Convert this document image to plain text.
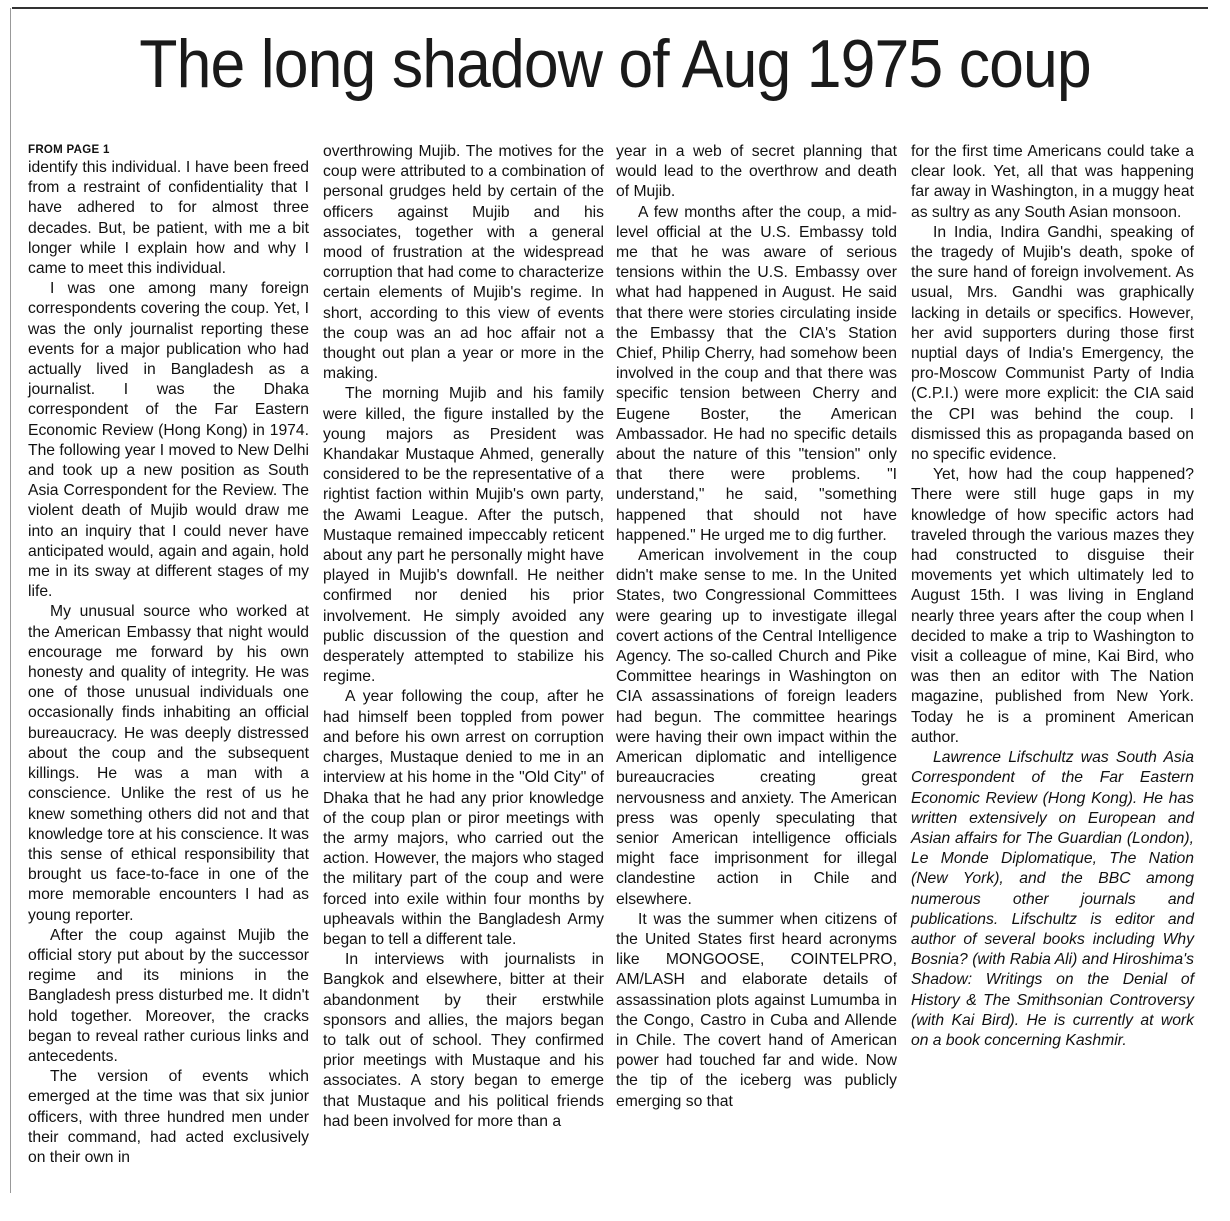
The long shadow of Aug 1975 coup

FROM PAGE 1

identify this individual. I have been freed from a restraint of confidentiality that I have adhered to for almost three decades. But, be patient, with me a bit longer while I explain how and why I came to meet this individual.

I was one among many foreign correspondents covering the coup. Yet, I was the only journalist reporting these events for a major publication who had actually lived in Bangladesh as a journalist. I was the Dhaka correspondent of the Far Eastern Economic Review (Hong Kong) in 1974. The following year I moved to New Delhi and took up a new position as South Asia Correspondent for the Review. The violent death of Mujib would draw me into an inquiry that I could never have anticipated would, again and again, hold me in its sway at different stages of my life.

My unusual source who worked at the American Embassy that night would encourage me forward by his own honesty and quality of integrity. He was one of those unusual individuals one occasionally finds inhabiting an official bureaucracy. He was deeply distressed about the coup and the subsequent killings. He was a man with a conscience. Unlike the rest of us he knew something others did not and that knowledge tore at his conscience. It was this sense of ethical responsibility that brought us face-to-face in one of the more memorable encounters I had as young reporter.

After the coup against Mujib the official story put about by the successor regime and its minions in the Bangladesh press disturbed me. It didn't hold together. Moreover, the cracks began to reveal rather curious links and antecedents.

The version of events which emerged at the time was that six junior officers, with three hundred men under their command, had acted exclusively on their own in

overthrowing Mujib. The motives for the coup were attributed to a combination of personal grudges held by certain of the officers against Mujib and his associates, together with a general mood of frustration at the widespread corruption that had come to characterize certain elements of Mujib's regime. In short, according to this view of events the coup was an ad hoc affair not a thought out plan a year or more in the making.

The morning Mujib and his family were killed, the figure installed by the young majors as President was Khandakar Mustaque Ahmed, generally considered to be the representative of a rightist faction within Mujib's own party, the Awami League. After the putsch, Mustaque remained impeccably reticent about any part he personally might have played in Mujib's downfall. He neither confirmed nor denied his prior involvement. He simply avoided any public discussion of the question and desperately attempted to stabilize his regime.

A year following the coup, after he had himself been toppled from power and before his own arrest on corruption charges, Mustaque denied to me in an interview at his home in the "Old City" of Dhaka that he had any prior knowledge of the coup plan or piror meetings with the army majors, who carried out the action. However, the majors who staged the military part of the coup and were forced into exile within four months by upheavals within the Bangladesh Army began to tell a different tale.

In interviews with journalists in Bangkok and elsewhere, bitter at their abandonment by their erstwhile sponsors and allies, the majors began to talk out of school. They confirmed prior meetings with Mustaque and his associates. A story began to emerge that Mustaque and his political friends had been involved for more than a

year in a web of secret planning that would lead to the overthrow and death of Mujib.

A few months after the coup, a mid-level official at the U.S. Embassy told me that he was aware of serious tensions within the U.S. Embassy over what had happened in August. He said that there were stories circulating inside the Embassy that the CIA's Station Chief, Philip Cherry, had somehow been involved in the coup and that there was specific tension between Cherry and Eugene Boster, the American Ambassador. He had no specific details about the nature of this "tension" only that there were problems. "I understand," he said, "something happened that should not have happened." He urged me to dig further.

American involvement in the coup didn't make sense to me. In the United States, two Congressional Committees were gearing up to investigate illegal covert actions of the Central Intelligence Agency. The so-called Church and Pike Committee hearings in Washington on CIA assassinations of foreign leaders had begun. The committee hearings were having their own impact within the American diplomatic and intelligence bureaucracies creating great nervousness and anxiety. The American press was openly speculating that senior American intelligence officials might face imprisonment for illegal clandestine action in Chile and elsewhere.

It was the summer when citizens of the United States first heard acronyms like MONGOOSE, COINTELPRO, AM/LASH and elaborate details of assassination plots against Lumumba in the Congo, Castro in Cuba and Allende in Chile. The covert hand of American power had touched far and wide. Now the tip of the iceberg was publicly emerging so that

for the first time Americans could take a clear look. Yet, all that was happening far away in Washington, in a muggy heat as sultry as any South Asian monsoon.

In India, Indira Gandhi, speaking of the tragedy of Mujib's death, spoke of the sure hand of foreign involvement. As usual, Mrs. Gandhi was graphically lacking in details or specifics. However, her avid supporters during those first nuptial days of India's Emergency, the pro-Moscow Communist Party of India (C.P.I.) were more explicit: the CIA said the CPI was behind the coup. I dismissed this as propaganda based on no specific evidence.

Yet, how had the coup happened? There were still huge gaps in my knowledge of how specific actors had traveled through the various mazes they had constructed to disguise their movements yet which ultimately led to August 15th. I was living in England nearly three years after the coup when I decided to make a trip to Washington to visit a colleague of mine, Kai Bird, who was then an editor with The Nation magazine, published from New York. Today he is a prominent American author.

Lawrence Lifschultz was South Asia Correspondent of the Far Eastern Economic Review (Hong Kong). He has written extensively on European and Asian affairs for The Guardian (London), Le Monde Diplomatique, The Nation (New York), and the BBC among numerous other journals and publications. Lifschultz is editor and author of several books including Why Bosnia? (with Rabia Ali) and Hiroshima's Shadow: Writings on the Denial of History & The Smithsonian Controversy (with Kai Bird). He is currently at work on a book concerning Kashmir.
